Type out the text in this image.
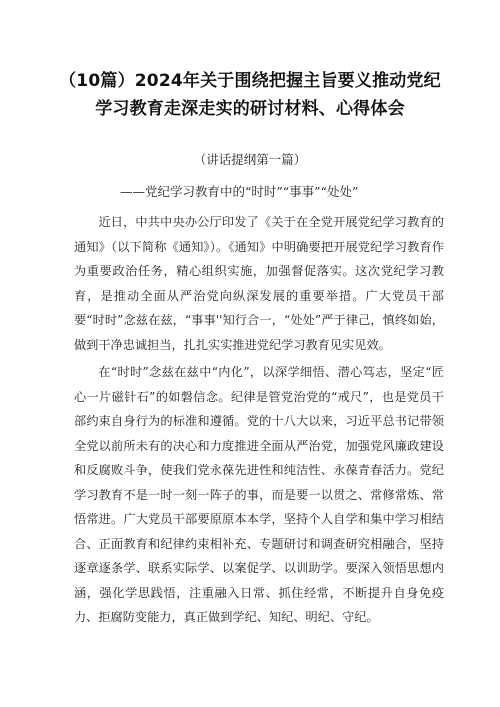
（10篇）2024年关于围绕把握主旨要义推动党纪
学习教育走深走实的研讨材料、心得体会
（讲话提纲第一篇）
——党纪学习教育中的“时时”“事事”“处处”

近日，中共中央办公厅印发了《关于在全党开展党纪学习教育的通知》（以下简称《通知》）。《通知》中明确要把开展党纪学习教育作为重要政治任务，精心组织实施，加强督促落实。这次党纪学习教育，是推动全面从严治党向纵深发展的重要举措。广大党员干部要“时时”念兹在兹，“事事''知行合一，“处处”严于律己，慎终如始，做到干净忠诚担当，扎扎实实推进党纪学习教育见实见效。

在“时时”念兹在兹中“内化”，以深学细悟、潜心笃志，坚定“匠心一片磁针石”的如磐信念。纪律是管党治党的“戒尺”，也是党员干部约束自身行为的标准和遵循。党的十八大以来，习近平总书记带领全党以前所未有的决心和力度推进全面从严治党，加强党风廉政建设和反腐败斗争，使我们党永葆先进性和纯洁性、永葆青春活力。党纪学习教育不是一时一刻一阵子的事，而是要一以贯之、常修常炼、常悟常进。广大党员干部要原原本本学，坚持个人自学和集中学习相结合、正面教育和纪律约束相补充、专题研讨和调查研究相融合，坚持逐章逐条学、联系实际学、以案促学、以训助学。要深入领悟思想内涵，强化学思践悟，注重融入日常、抓住经常，不断提升自身免疫力、拒腐防变能力，真正做到学纪、知纪、明纪、守纪。
